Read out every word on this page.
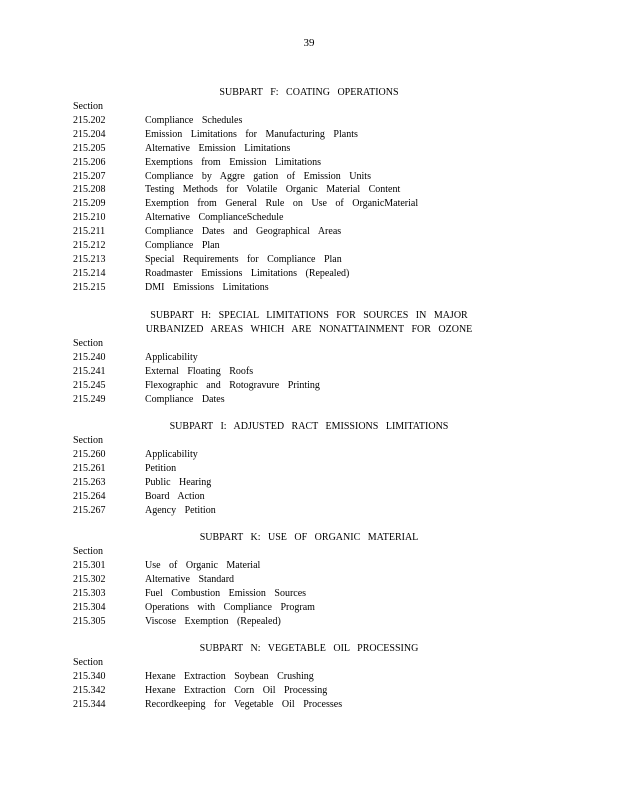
39
SUBPART F: COATING OPERATIONS
Section
215.202	Compliance Schedules
215.204	Emission Limitations for Manufacturing Plants
215.205	Alternative Emission Limitations
215.206	Exemptions from Emission Limitations
215.207	Compliance by Aggre gation of Emission Units
215.208	Testing Methods for Volatile Organic Material Content
215.209	Exemption from General Rule on Use of OrganicMaterial
215.210	Alternative ComplianceSchedule
215.211	Compliance Dates and Geographical Areas
215.212	Compliance Plan
215.213	Special Requirements for Compliance Plan
215.214	Roadmaster Emissions Limitations (Repealed)
215.215	DMI Emissions Limitations
SUBPART H: SPECIAL LIMITATIONS FOR SOURCES IN MAJOR
URBANIZED AREAS WHICH ARE NONATTAINMENT FOR OZONE
Section
215.240	Applicability
215.241	External Floating Roofs
215.245	Flexographic and Rotogravure Printing
215.249	Compliance Dates
SUBPART I: ADJUSTED RACT EMISSIONS LIMITATIONS
Section
215.260	Applicability
215.261	Petition
215.263	Public Hearing
215.264	Board Action
215.267	Agency Petition
SUBPART K: USE OF ORGANIC MATERIAL
Section
215.301	Use of Organic Material
215.302	Alternative Standard
215.303	Fuel Combustion Emission Sources
215.304	Operations with Compliance Program
215.305	Viscose Exemption (Repealed)
SUBPART N: VEGETABLE OIL PROCESSING
Section
215.340	Hexane Extraction Soybean Crushing
215.342	Hexane Extraction Corn Oil Processing
215.344	Recordkeeping for Vegetable Oil Processes
